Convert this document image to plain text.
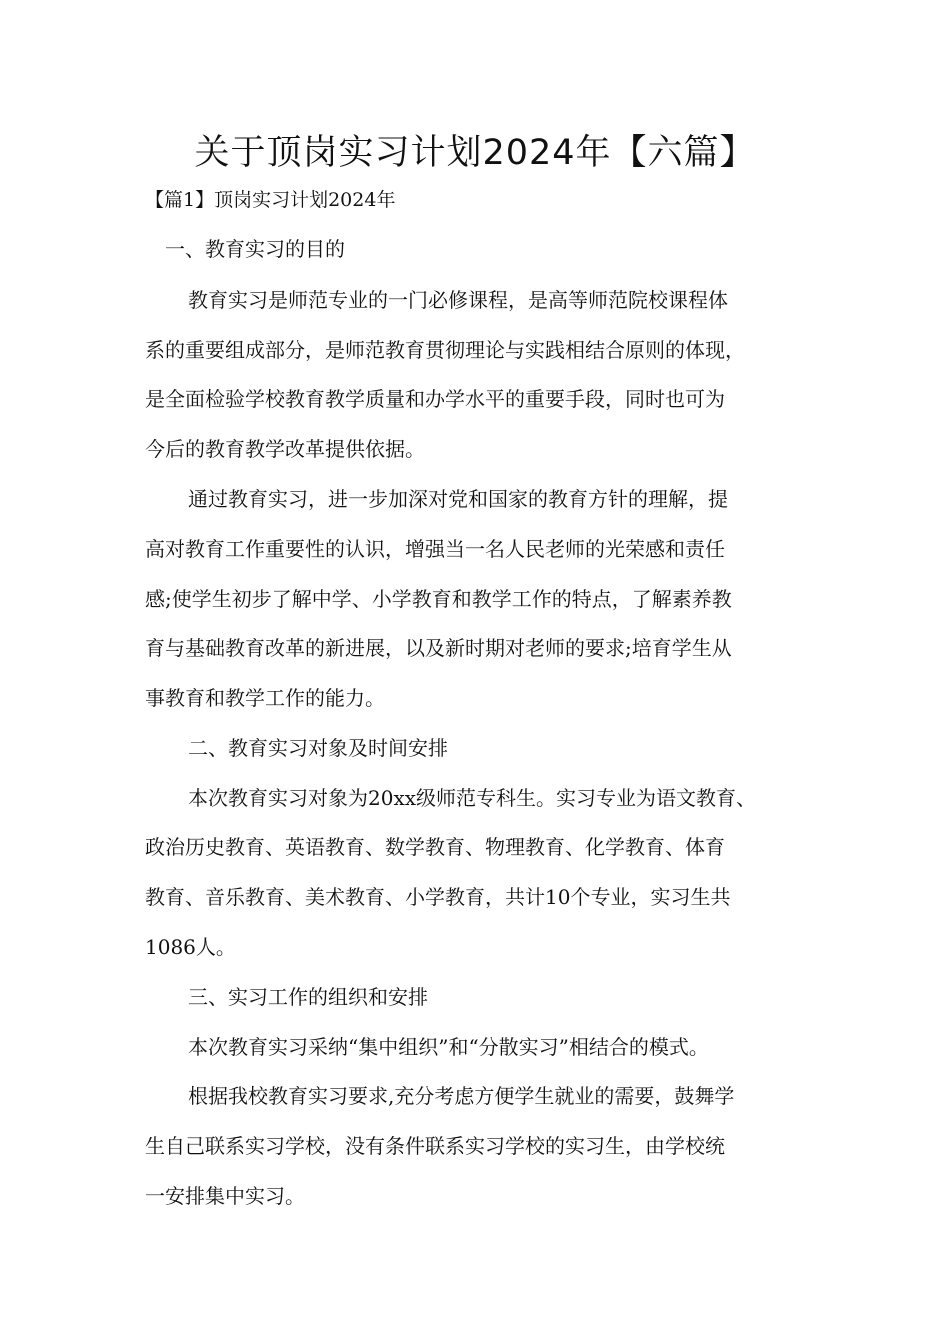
关于顶岗实习计划2024年【六篇】
【篇1】顶岗实习计划2024年
一、教育实习的目的
教育实习是师范专业的一门必修课程，是高等师范院校课程体
系的重要组成部分，是师范教育贯彻理论与实践相结合原则的体现，
是全面检验学校教育教学质量和办学水平的重要手段，同时也可为
今后的教育教学改革提供依据。
通过教育实习，进一步加深对党和国家的教育方针的理解，提
高对教育工作重要性的认识，增强当一名人民老师的光荣感和责任
感;使学生初步了解中学、小学教育和教学工作的特点，了解素养教
育与基础教育改革的新进展，以及新时期对老师的要求;培育学生从
事教育和教学工作的能力。
二、教育实习对象及时间安排
本次教育实习对象为20xx级师范专科生。实习专业为语文教育、
政治历史教育、英语教育、数学教育、物理教育、化学教育、体育
教育、音乐教育、美术教育、小学教育，共计10个专业，实习生共
1086人。
三、实习工作的组织和安排
本次教育实习采纳“集中组织”和“分散实习”相结合的模式。
根据我校教育实习要求,充分考虑方便学生就业的需要，鼓舞学
生自己联系实习学校，没有条件联系实习学校的实习生，由学校统
一安排集中实习。
